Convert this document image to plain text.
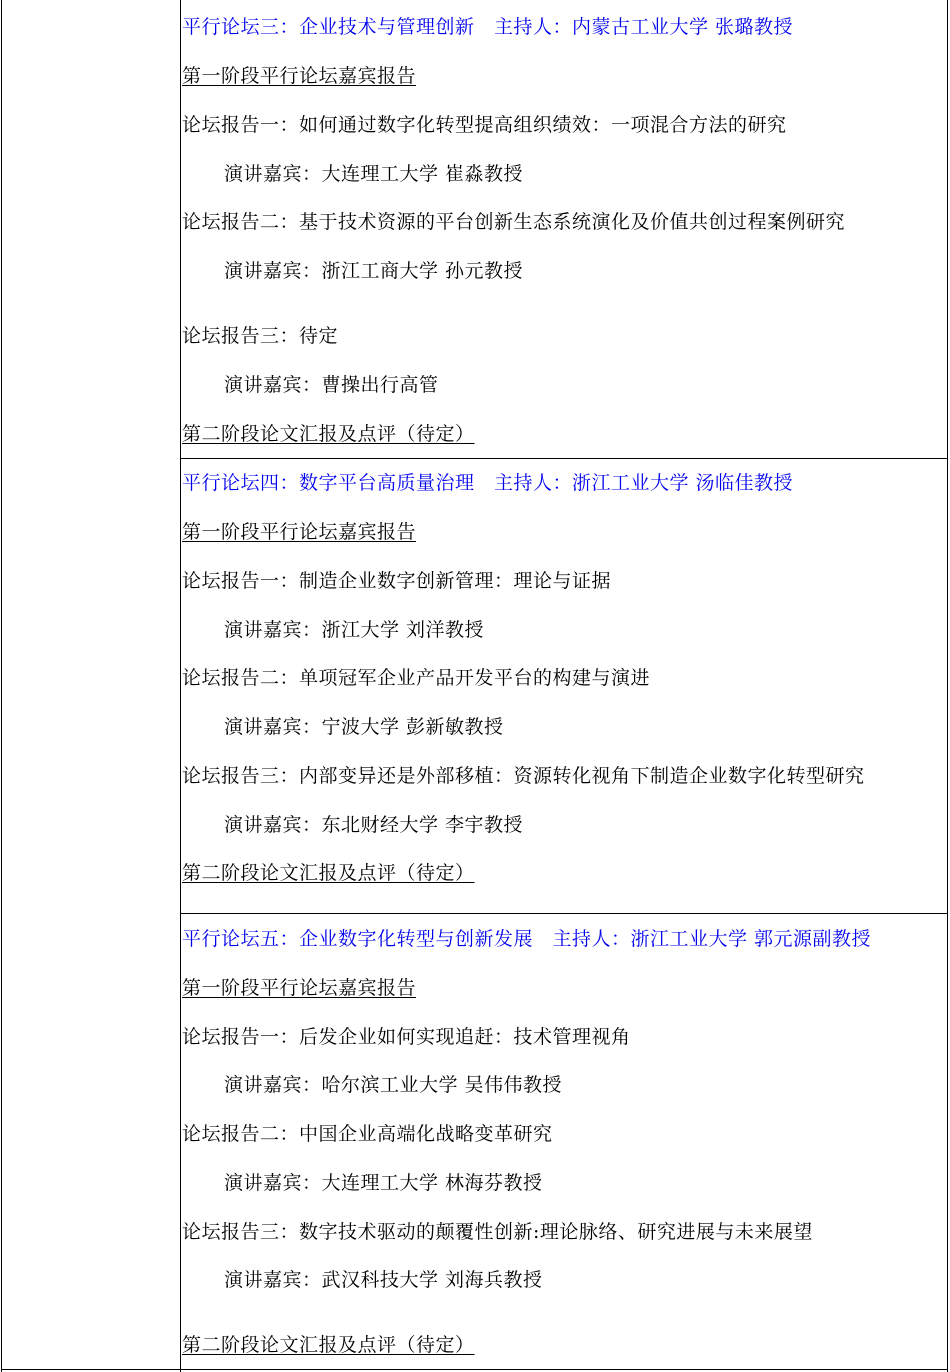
平行论坛三：企业技术与管理创新　主持人：内蒙古工业大学 张璐教授
第一阶段平行论坛嘉宾报告
论坛报告一：如何通过数字化转型提高组织绩效：一项混合方法的研究
演讲嘉宾：大连理工大学 崔淼教授
论坛报告二：基于技术资源的平台创新生态系统演化及价值共创过程案例研究
演讲嘉宾：浙江工商大学 孙元教授
论坛报告三：待定
演讲嘉宾：曹操出行高管
第二阶段论文汇报及点评（待定）
平行论坛四：数字平台高质量治理　主持人：浙江工业大学 汤临佳教授
第一阶段平行论坛嘉宾报告
论坛报告一：制造企业数字创新管理：理论与证据
演讲嘉宾：浙江大学 刘洋教授
论坛报告二：单项冠军企业产品开发平台的构建与演进
演讲嘉宾：宁波大学 彭新敏教授
论坛报告三：内部变异还是外部移植：资源转化视角下制造企业数字化转型研究
演讲嘉宾：东北财经大学 李宇教授
第二阶段论文汇报及点评（待定）
平行论坛五：企业数字化转型与创新发展　主持人：浙江工业大学 郭元源副教授
第一阶段平行论坛嘉宾报告
论坛报告一：后发企业如何实现追赶：技术管理视角
演讲嘉宾：哈尔滨工业大学 吴伟伟教授
论坛报告二：中国企业高端化战略变革研究
演讲嘉宾：大连理工大学 林海芬教授
论坛报告三：数字技术驱动的颠覆性创新:理论脉络、研究进展与未来展望
演讲嘉宾：武汉科技大学 刘海兵教授
第二阶段论文汇报及点评（待定）
